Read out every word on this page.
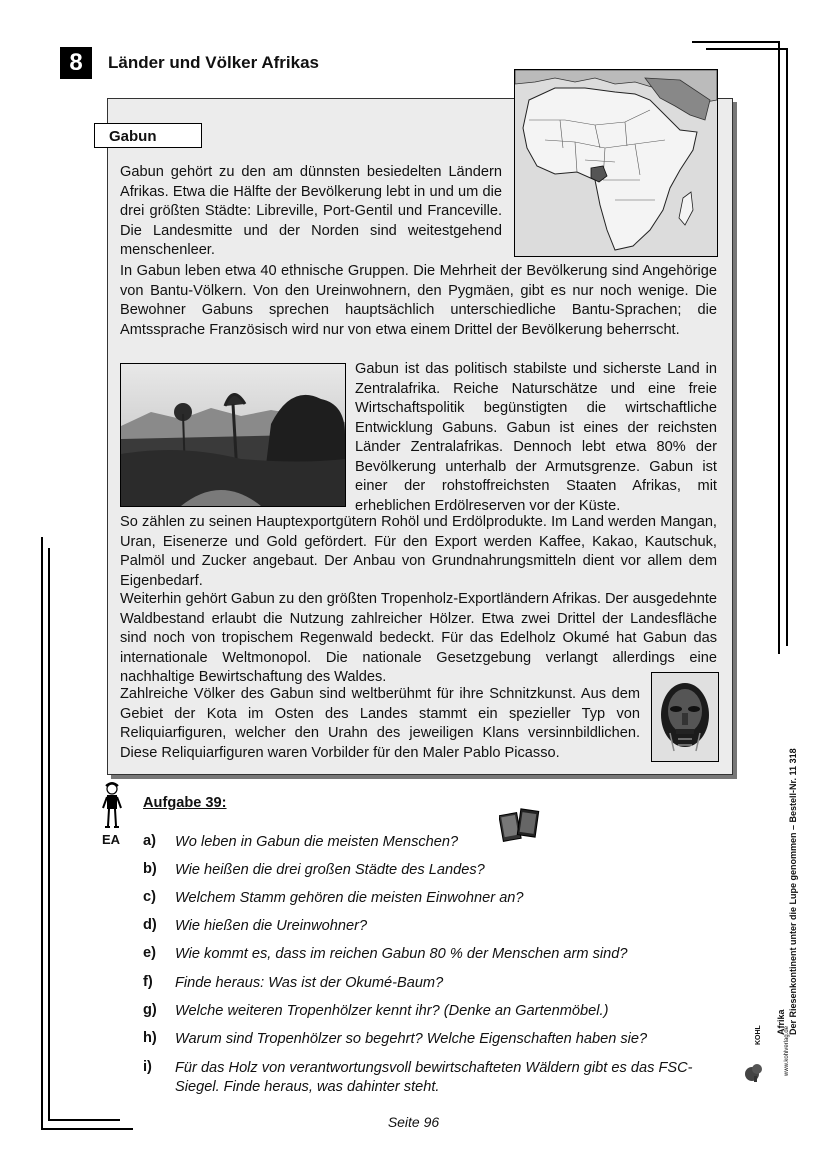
8	Länder und Völker Afrikas
Gabun
Gabun gehört zu den am dünnsten besiedelten Ländern Afrikas. Etwa die Hälfte der Bevölkerung lebt in und um die drei größten Städte: Libreville, Port-Gentil und Franceville. Die Landesmitte und der Norden sind weitestgehend menschenleer.
In Gabun leben etwa 40 ethnische Gruppen. Die Mehrheit der Bevölkerung sind Angehörige von Bantu-Völkern. Von den Ureinwohnern, den Pygmäen, gibt es nur noch wenige. Die Bewohner Gabuns sprechen hauptsächlich unterschiedliche Bantu-Sprachen; die Amtssprache Französisch wird nur von etwa einem Drittel der Bevölkerung beherrscht.
Gabun ist das politisch stabilste und sicherste Land in Zentralafrika. Reiche Naturschätze und eine freie Wirtschaftspolitik begünstigten die wirtschaftliche Entwicklung Gabuns. Gabun ist eines der reichsten Länder Zentralafrikas. Dennoch lebt etwa 80% der Bevölkerung unterhalb der Armutsgrenze. Gabun ist einer der rohstoffreichsten Staaten Afrikas, mit erheblichen Erdölreserven vor der Küste.
So zählen zu seinen Hauptexportgütern Rohöl und Erdölprodukte. Im Land werden Mangan, Uran, Eisenerze und Gold gefördert. Für den Export werden Kaffee, Kakao, Kautschuk, Palmöl und Zucker angebaut. Der Anbau von Grundnahrungsmitteln dient vor allem dem Eigenbedarf.
Weiterhin gehört Gabun zu den größten Tropenholz-Exportländern Afrikas. Der ausgedehnte Waldbestand erlaubt die Nutzung zahlreicher Hölzer. Etwa zwei Drittel der Landesfläche sind noch von tropischem Regenwald bedeckt. Für das Edelholz Okumé hat Gabun das internationale Weltmonopol. Die nationale Gesetzgebung verlangt allerdings eine nachhaltige Bewirtschaftung des Waldes.
Zahlreiche Völker des Gabun sind weltberühmt für ihre Schnitzkunst. Aus dem Gebiet der Kota im Osten des Landes stammt ein spezieller Typ von Reliquiarfiguren, welcher den Urahn des jeweiligen Klans versinnbildlichen. Diese Reliquiarfiguren waren Vorbilder für den Maler Pablo Picasso.
EA
Aufgabe 39:
a) Wo leben in Gabun die meisten Menschen?
b) Wie heißen die drei großen Städte des Landes?
c) Welchem Stamm gehören die meisten Einwohner an?
d) Wie hießen die Ureinwohner?
e) Wie kommt es, dass im reichen Gabun 80 % der Menschen arm sind?
f) Finde heraus: Was ist der Okumé-Baum?
g) Welche weiteren Tropenhölzer kennt ihr? (Denke an Gartenmöbel.)
h) Warum sind Tropenhölzer so begehrt? Welche Eigenschaften haben sie?
i) Für das Holz von verantwortungsvoll bewirtschafteten Wäldern gibt es das FSC-Siegel. Finde heraus, was dahinter steht.
Seite 96
Afrika Der Riesenkontinent unter die Lupe genommen – Bestell-Nr. 11 318
KOHL	www.kohlverlag.de
